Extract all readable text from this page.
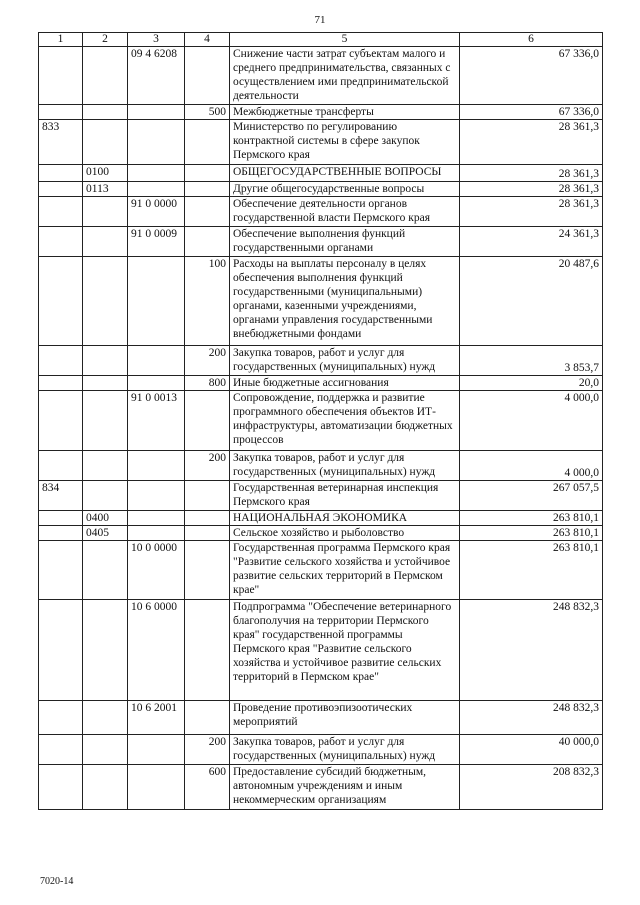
71
1	2	3	4	5	6
		09 4 6208		Снижение части затрат субъектам малого и среднего предпринимательства, связанных с осуществлением ими предпринимательской деятельности	67 336,0
			500	Межбюджетные трансферты	67 336,0
833				Министерство по регулированию контрактной системы в сфере закупок Пермского края	28 361,3
	0100			ОБЩЕГОСУДАРСТВЕННЫЕ ВОПРОСЫ	28 361,3
	0113			Другие общегосударственные вопросы	28 361,3
		91 0 0000		Обеспечение деятельности органов государственной власти Пермского края	28 361,3
		91 0 0009		Обеспечение выполнения функций государственными органами	24 361,3
			100	Расходы на выплаты персоналу в целях обеспечения выполнения функций государственными (муниципальными) органами, казенными учреждениями, органами управления государственными внебюджетными фондами	20 487,6
			200	Закупка товаров, работ и услуг для государственных (муниципальных) нужд	3 853,7
			800	Иные бюджетные ассигнования	20,0
		91 0 0013		Сопровождение, поддержка и развитие программного обеспечения объектов ИТ-инфраструктуры, автоматизации бюджетных процессов	4 000,0
			200	Закупка товаров, работ и услуг для государственных (муниципальных) нужд	4 000,0
834				Государственная ветеринарная инспекция Пермского края	267 057,5
	0400			НАЦИОНАЛЬНАЯ ЭКОНОМИКА	263 810,1
	0405			Сельское хозяйство и рыболовство	263 810,1
		10 0 0000		Государственная программа Пермского края "Развитие сельского хозяйства и устойчивое развитие сельских территорий в Пермском крае"	263 810,1
		10 6 0000		Подпрограмма "Обеспечение ветеринарного благополучия на территории Пермского края" государственной программы Пермского края "Развитие сельского хозяйства и устойчивое развитие сельских территорий в Пермском крае"	248 832,3
		10 6 2001		Проведение противоэпизоотических мероприятий	248 832,3
			200	Закупка товаров, работ и услуг для государственных (муниципальных) нужд	40 000,0
			600	Предоставление субсидий бюджетным, автономным учреждениям и иным некоммерческим организациям	208 832,3
7020-14
